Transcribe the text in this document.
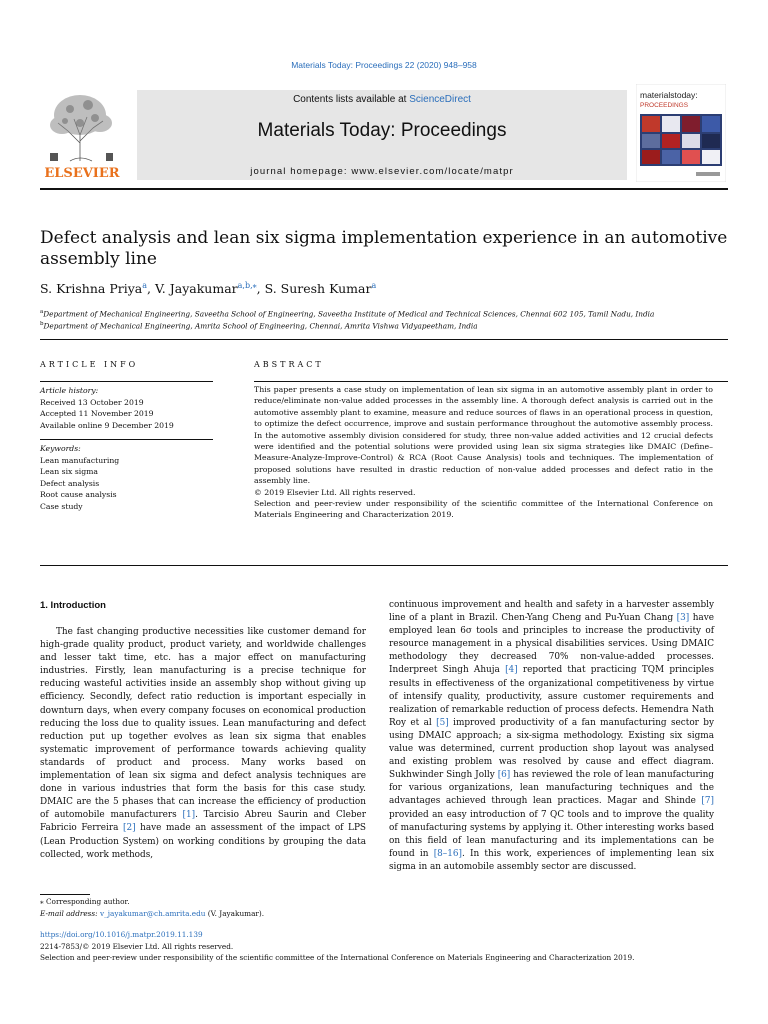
Materials Today: Proceedings 22 (2020) 948–958
ELSEVIER
Contents lists available at ScienceDirect
Materials Today: Proceedings
journal homepage: www.elsevier.com/locate/matpr
materialstoday:
PROCEEDINGS
Defect analysis and lean six sigma implementation experience in an automotive assembly line
S. Krishna Priya$^a$, V. Jayakumar$^{a,b,⁎}$, S. Suresh Kumar$^a$
$^a$Department of Mechanical Engineering, Saveetha School of Engineering, Saveetha Institute of Medical and Technical Sciences, Chennai 602 105, Tamil Nadu, India
$^b$Department of Mechanical Engineering, Amrita School of Engineering, Chennai, Amrita Vishwa Vidyapeetham, India
ARTICLE INFO
Article history:
Received 13 October 2019
Accepted 11 November 2019
Available online 9 December 2019
Keywords:
Lean manufacturing
Lean six sigma
Defect analysis
Root cause analysis
Case study
ABSTRACT
This paper presents a case study on implementation of lean six sigma in an automotive assembly plant in order to reduce/eliminate non-value added processes in the assembly line. A thorough defect analysis is carried out in the automotive assembly plant to examine, measure and reduce sources of flaws in an operational process in question, to optimize the defect occurrence, improve and sustain performance throughout the automotive assembly process. In the automotive assembly division considered for study, three non-value added activities and 12 crucial defects were identified and the potential solutions were provided using lean six sigma strategies like DMAIC (Define–Measure-Analyze-Improve-Control) & RCA (Root Cause Analysis) tools and techniques. The implementation of proposed solutions have resulted in drastic reduction of non-value added processes and defect ratio in the assembly line.
© 2019 Elsevier Ltd. All rights reserved.
Selection and peer-review under responsibility of the scientific committee of the International Conference on Materials Engineering and Characterization 2019.
1. Introduction
The fast changing productive necessities like customer demand for high-grade quality product, product variety, and worldwide challenges and lesser takt time, etc. has a major effect on manufacturing industries. Firstly, lean manufacturing is a precise technique for reducing wasteful activities inside an assembly shop without giving up efficiency. Secondly, defect ratio reduction is important especially in downturn days, when every company focuses on economical production reducing the loss due to quality issues. Lean manufacturing and defect reduction put up together evolves as lean six sigma that enables systematic improvement of performance towards achieving quality standards of product and process. Many works based on implementation of lean six sigma and defect analysis techniques are done in various industries that form the basis for this case study. DMAIC are the 5 phases that can increase the efficiency of production of automobile manufacturers [1]. Tarcisio Abreu Saurin and Cleber Fabricio Ferreira [2] have made an assessment of the impact of LPS (Lean Production System) on working conditions by grouping the data collected, work methods,
continuous improvement and health and safety in a harvester assembly line of a plant in Brazil. Chen-Yang Cheng and Pu-Yuan Chang [3] have employed lean 6σ tools and principles to increase the productivity of resource management in a physical disabilities services. Using DMAIC methodology they decreased 70% non-value-added processes. Inderpreet Singh Ahuja [4] reported that practicing TQM principles results in effectiveness of the organizational competitiveness by virtue of intensify quality, productivity, assure customer requirements and realization of remarkable reduction of process defects. Hemendra Nath Roy et al [5] improved productivity of a fan manufacturing sector by using DMAIC approach; a six-sigma methodology. Existing six sigma value was determined, current production shop layout was analysed and existing problem was resolved by cause and effect diagram. Sukhwinder Singh Jolly [6] has reviewed the role of lean manufacturing for various organizations, lean manufacturing techniques and the advantages achieved through lean practices. Magar and Shinde [7] provided an easy introduction of 7 QC tools and to improve the quality of manufacturing systems by applying it. Other interesting works based on this field of lean manufacturing and its implementations can be found in [8–16]. In this work, experiences of implementing lean six sigma in an automobile assembly sector are discussed.
⁎ Corresponding author.
E-mail address: v_jayakumar@ch.amrita.edu (V. Jayakumar).
https://doi.org/10.1016/j.matpr.2019.11.139
2214-7853/© 2019 Elsevier Ltd. All rights reserved.
Selection and peer-review under responsibility of the scientific committee of the International Conference on Materials Engineering and Characterization 2019.
